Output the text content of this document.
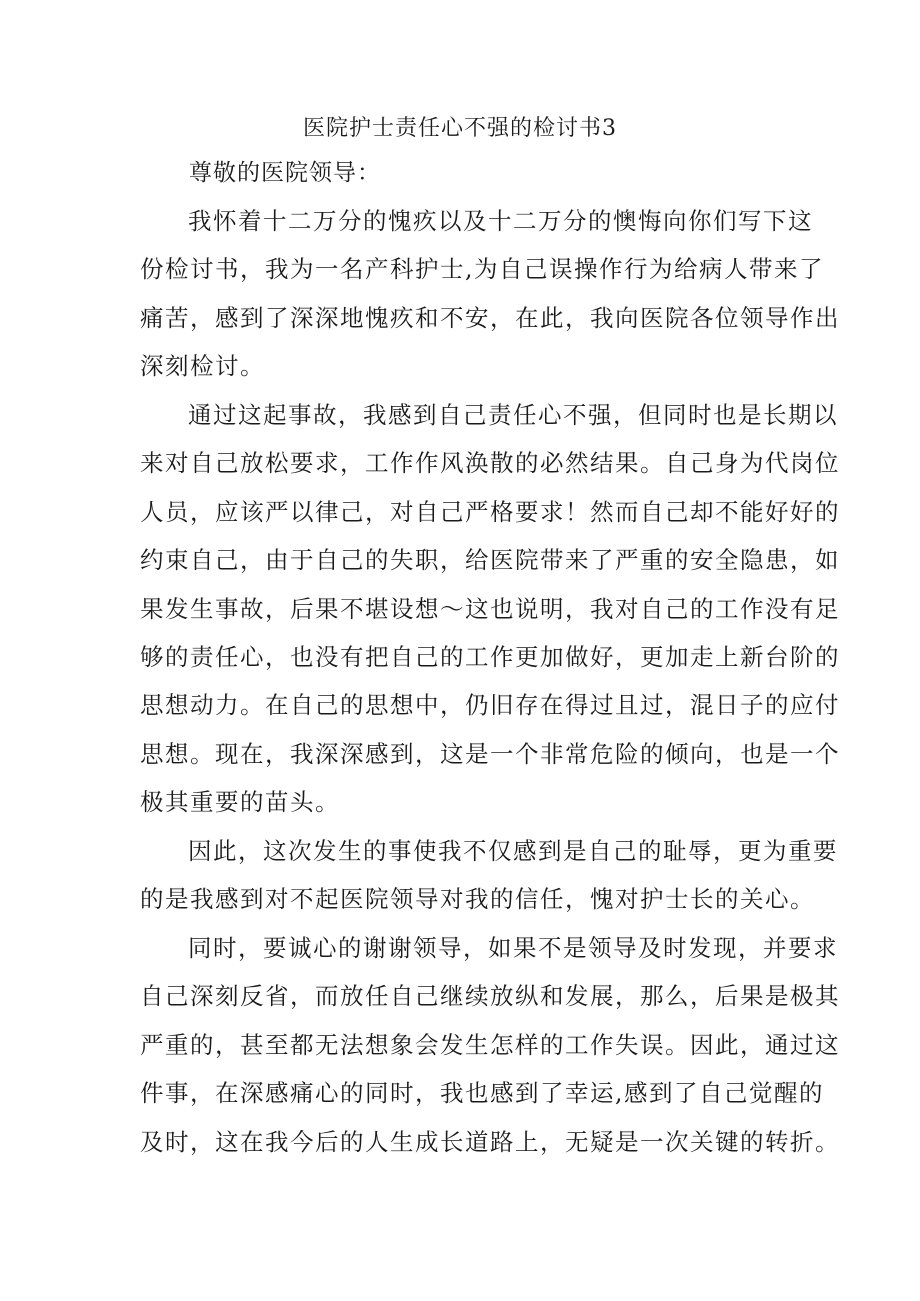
医院护士责任心不强的检讨书3
尊敬的医院领导：
我怀着十二万分的愧疚以及十二万分的懊悔向你们写下这
份检讨书，我为一名产科护士,为自己误操作行为给病人带来了
痛苦，感到了深深地愧疚和不安，在此，我向医院各位领导作出
深刻检讨。
通过这起事故，我感到自己责任心不强，但同时也是长期以
来对自己放松要求，工作作风涣散的必然结果。自己身为代岗位
人员，应该严以律己，对自己严格要求！然而自己却不能好好的
约束自己，由于自己的失职，给医院带来了严重的安全隐患，如
果发生事故，后果不堪设想～这也说明，我对自己的工作没有足
够的责任心，也没有把自己的工作更加做好，更加走上新台阶的
思想动力。在自己的思想中，仍旧存在得过且过，混日子的应付
思想。现在，我深深感到，这是一个非常危险的倾向，也是一个
极其重要的苗头。
因此，这次发生的事使我不仅感到是自己的耻辱，更为重要
的是我感到对不起医院领导对我的信任，愧对护士长的关心。
同时，要诚心的谢谢领导，如果不是领导及时发现，并要求
自己深刻反省，而放任自己继续放纵和发展，那么，后果是极其
严重的，甚至都无法想象会发生怎样的工作失误。因此，通过这
件事，在深感痛心的同时，我也感到了幸运,感到了自己觉醒的
及时，这在我今后的人生成长道路上，无疑是一次关键的转折。
